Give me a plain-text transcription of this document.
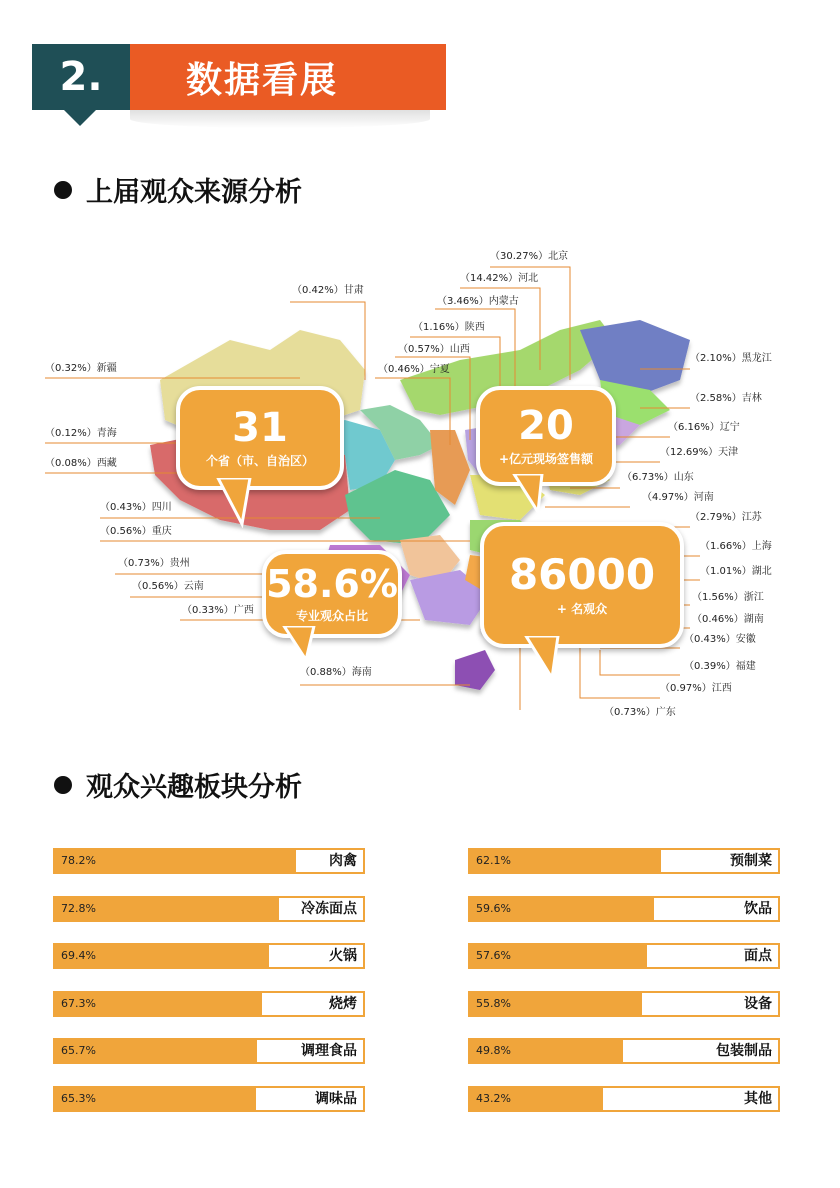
2.	数据看展
上届观众来源分析
（30.27%）北京
（14.42%）河北
（0.42%）甘肃
（3.46%）内蒙古
（1.16%）陕西
（0.57%）山西
（0.32%）新疆	（0.46%）宁夏
（2.10%）黑龙江
（2.58%）吉林
（0.12%）青海
（6.16%）辽宁
（0.08%）西藏
（12.69%）天津
（6.73%）山东
（4.97%）河南
（0.43%）四川
（2.79%）江苏
（0.56%）重庆
（1.66%）上海
（0.73%）贵州
（1.01%）湖北
（0.56%）云南
（1.56%）浙江
（0.33%）广西
（0.46%）湖南
（0.43%）安徽
（0.39%）福建
（0.88%）海南
（0.97%）江西
（0.73%）广东
31
个省（市、自治区）
20
+亿元现场签售额
58.6%
专业观众占比
86000
+ 名观众
观众兴趣板块分析
78.2%	肉禽
72.8%	冷冻面点
69.4%	火锅
67.3%	烧烤
65.7%	调理食品
65.3%	调味品
62.1%	预制菜
59.6%	饮品
57.6%	面点
55.8%	设备
49.8%	包装制品
43.2%	其他
